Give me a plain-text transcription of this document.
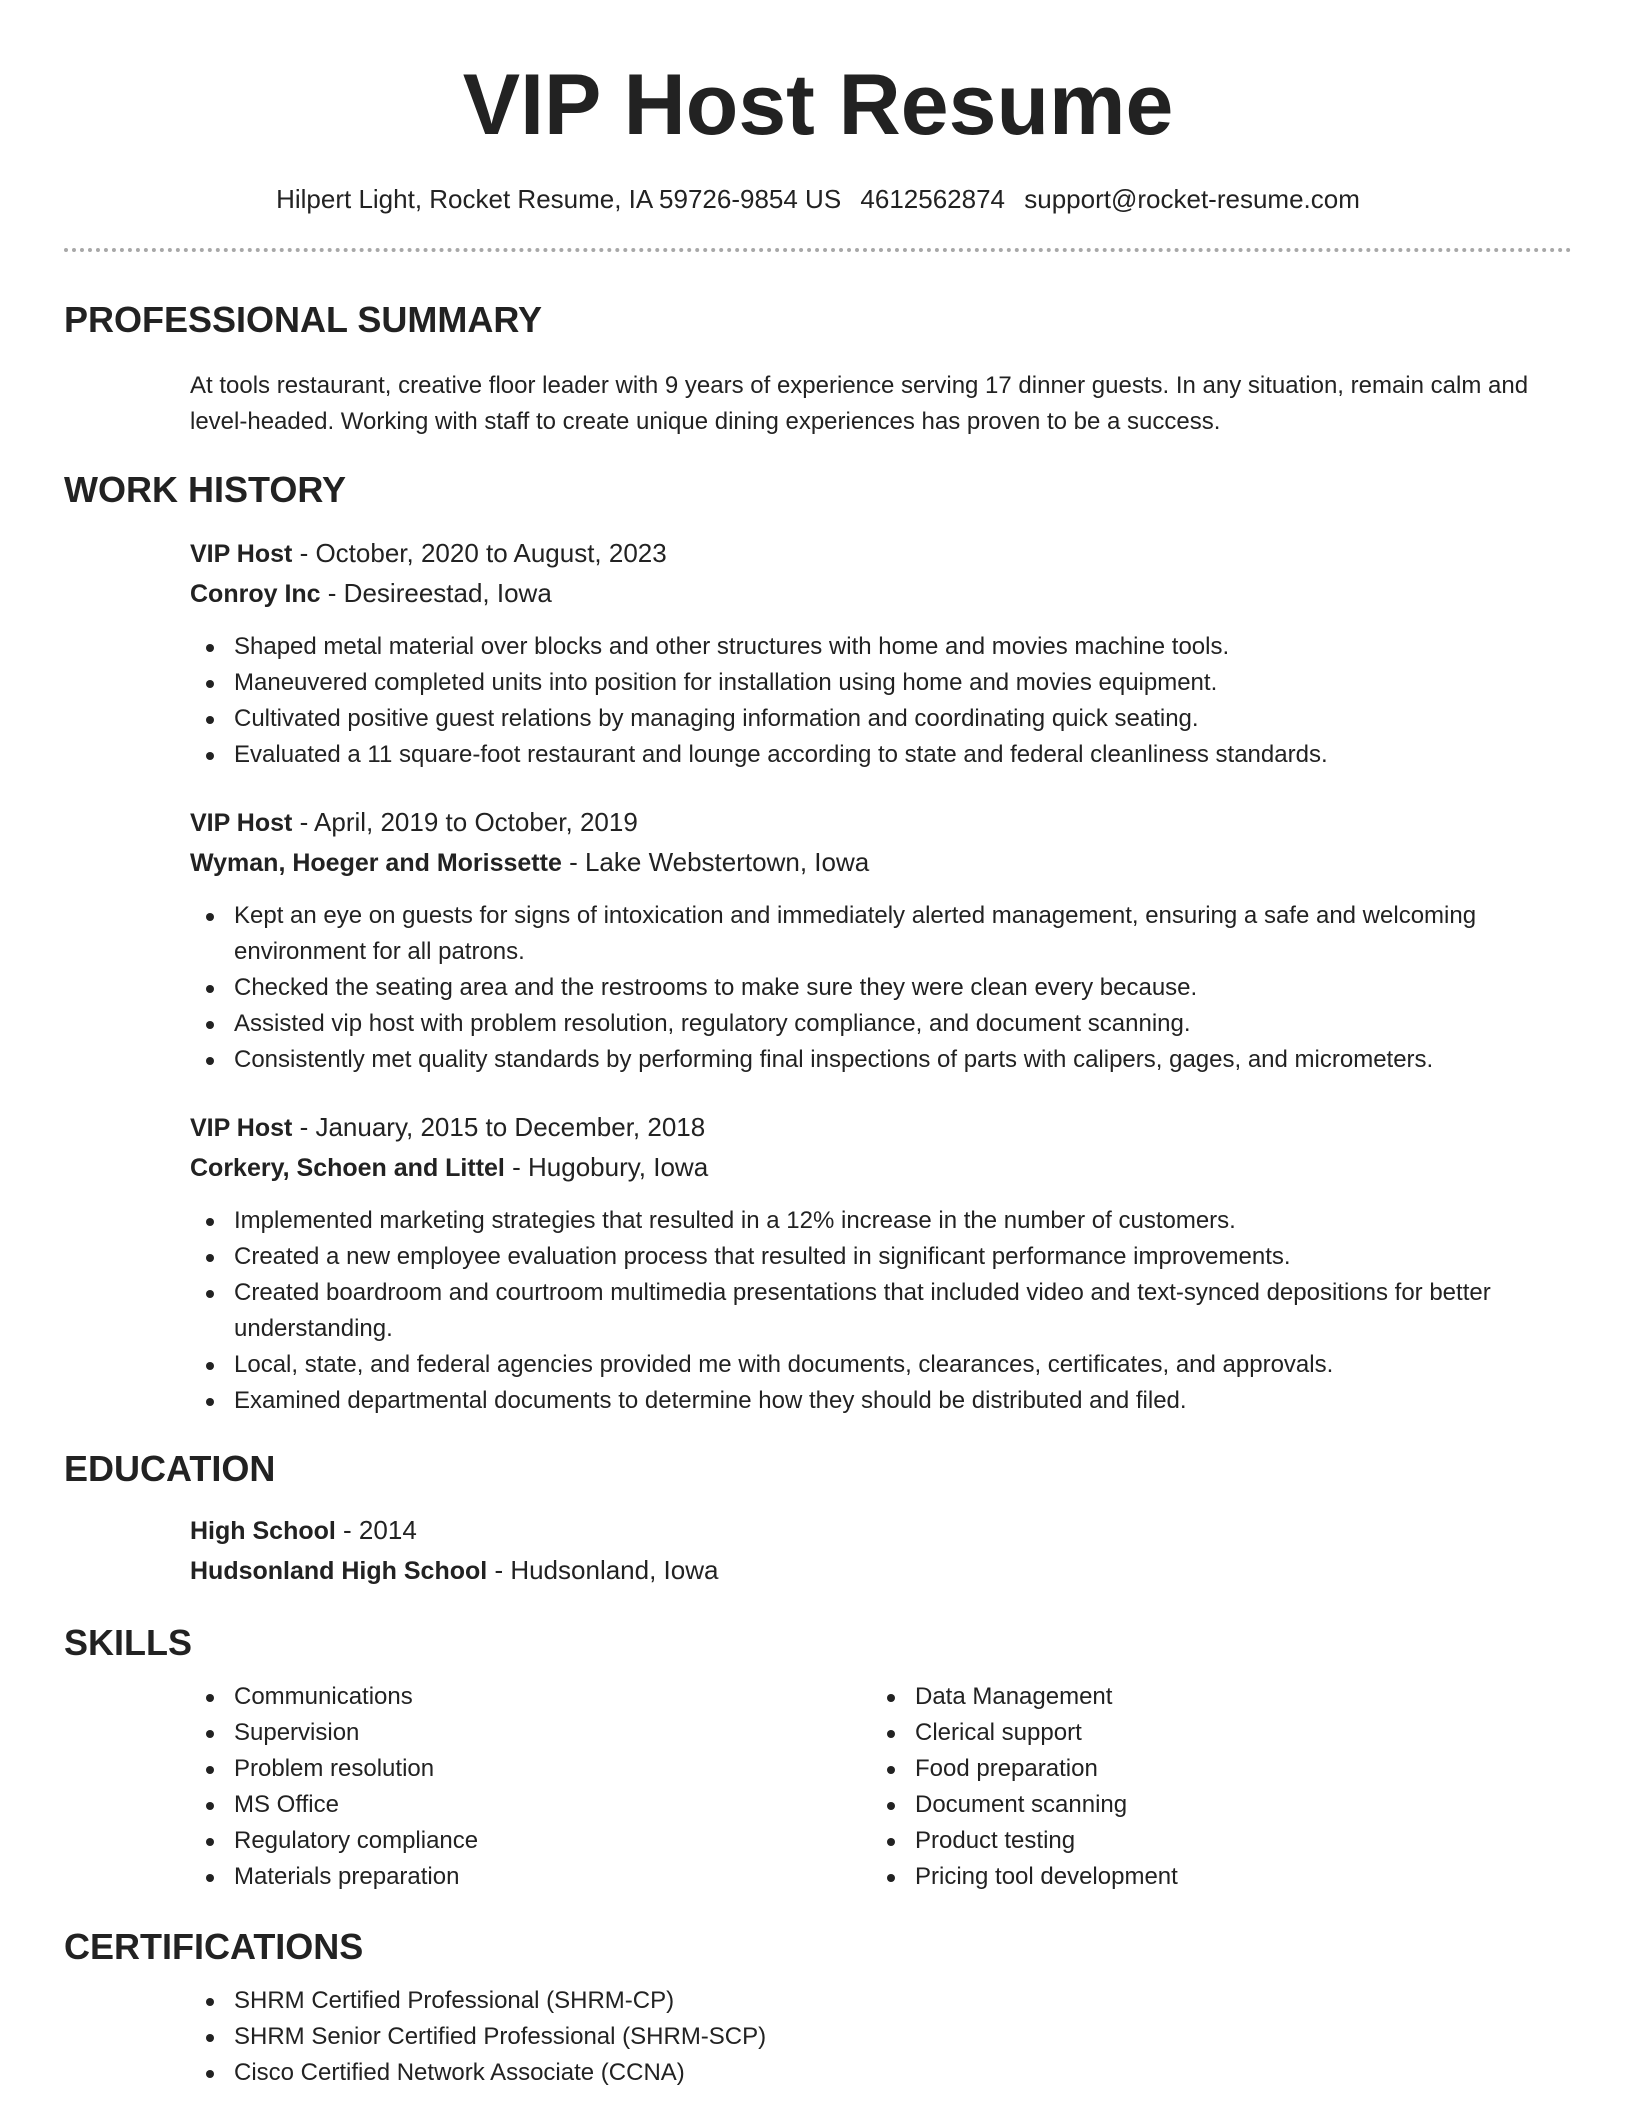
VIP Host Resume
Hilpert Light, Rocket Resume, IA 59726-9854 US 4612562874 support@rocket-resume.com
PROFESSIONAL SUMMARY
At tools restaurant, creative floor leader with 9 years of experience serving 17 dinner guests. In any situation, remain calm and level-headed. Working with staff to create unique dining experiences has proven to be a success.
WORK HISTORY
VIP Host - October, 2020 to August, 2023
Conroy Inc - Desireestad, Iowa
Shaped metal material over blocks and other structures with home and movies machine tools.
Maneuvered completed units into position for installation using home and movies equipment.
Cultivated positive guest relations by managing information and coordinating quick seating.
Evaluated a 11 square-foot restaurant and lounge according to state and federal cleanliness standards.
VIP Host - April, 2019 to October, 2019
Wyman, Hoeger and Morissette - Lake Webstertown, Iowa
Kept an eye on guests for signs of intoxication and immediately alerted management, ensuring a safe and welcoming environment for all patrons.
Checked the seating area and the restrooms to make sure they were clean every because.
Assisted vip host with problem resolution, regulatory compliance, and document scanning.
Consistently met quality standards by performing final inspections of parts with calipers, gages, and micrometers.
VIP Host - January, 2015 to December, 2018
Corkery, Schoen and Littel - Hugobury, Iowa
Implemented marketing strategies that resulted in a 12% increase in the number of customers.
Created a new employee evaluation process that resulted in significant performance improvements.
Created boardroom and courtroom multimedia presentations that included video and text-synced depositions for better understanding.
Local, state, and federal agencies provided me with documents, clearances, certificates, and approvals.
Examined departmental documents to determine how they should be distributed and filed.
EDUCATION
High School - 2014
Hudsonland High School - Hudsonland, Iowa
SKILLS
Communications
Supervision
Problem resolution
MS Office
Regulatory compliance
Materials preparation
Data Management
Clerical support
Food preparation
Document scanning
Product testing
Pricing tool development
CERTIFICATIONS
SHRM Certified Professional (SHRM-CP)
SHRM Senior Certified Professional (SHRM-SCP)
Cisco Certified Network Associate (CCNA)
